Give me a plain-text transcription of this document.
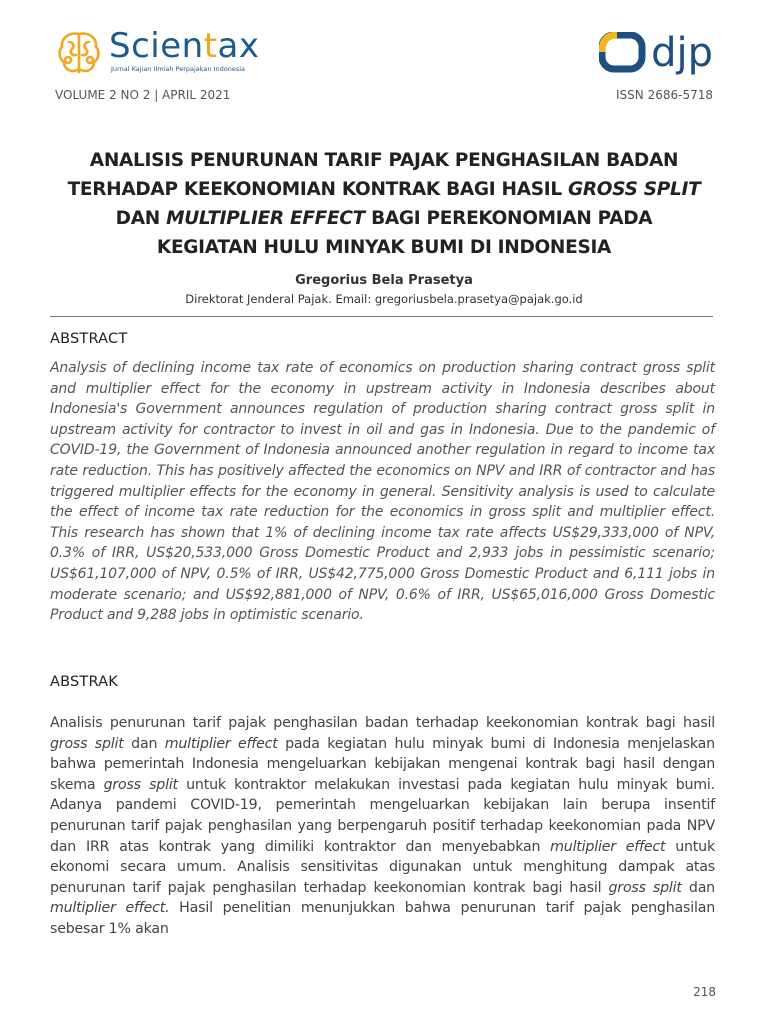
Scientax
Jurnal Kajian Ilmiah Perpajakan Indonesia	djp
VOLUME 2 NO 2 | APRIL 2021	ISSN 2686-5718
ANALISIS PENURUNAN TARIF PAJAK PENGHASILAN BADAN
TERHADAP KEEKONOMIAN KONTRAK BAGI HASIL GROSS SPLIT
DAN MULTIPLIER EFFECT BAGI PEREKONOMIAN PADA
KEGIATAN HULU MINYAK BUMI DI INDONESIA
Gregorius Bela Prasetya
Direktorat Jenderal Pajak. Email: gregoriusbela.prasetya@pajak.go.id
ABSTRACT
Analysis of declining income tax rate of economics on production sharing contract gross split and multiplier effect for the economy in upstream activity in Indonesia describes about Indonesia's Government announces regulation of production sharing contract gross split in upstream activity for contractor to invest in oil and gas in Indonesia. Due to the pandemic of COVID-19, the Government of Indonesia announced another regulation in regard to income tax rate reduction. This has positively affected the economics on NPV and IRR of contractor and has triggered multiplier effects for the economy in general. Sensitivity analysis is used to calculate the effect of income tax rate reduction for the economics in gross split and multiplier effect. This research has shown that 1% of declining income tax rate affects US$29,333,000 of NPV, 0.3% of IRR, US$20,533,000 Gross Domestic Product and 2,933 jobs in pessimistic scenario; US$61,107,000 of NPV, 0.5% of IRR, US$42,775,000 Gross Domestic Product and 6,111 jobs in moderate scenario; and US$92,881,000 of NPV, 0.6% of IRR, US$65,016,000 Gross Domestic Product and 9,288 jobs in optimistic scenario.
ABSTRAK
Analisis penurunan tarif pajak penghasilan badan terhadap keekonomian kontrak bagi hasil gross split dan multiplier effect pada kegiatan hulu minyak bumi di Indonesia menjelaskan bahwa pemerintah Indonesia mengeluarkan kebijakan mengenai kontrak bagi hasil dengan skema gross split untuk kontraktor melakukan investasi pada kegiatan hulu minyak bumi. Adanya pandemi COVID-19, pemerintah mengeluarkan kebijakan lain berupa insentif penurunan tarif pajak penghasilan yang berpengaruh positif terhadap keekonomian pada NPV dan IRR atas kontrak yang dimiliki kontraktor dan menyebabkan multiplier effect untuk ekonomi secara umum. Analisis sensitivitas digunakan untuk menghitung dampak atas penurunan tarif pajak penghasilan terhadap keekonomian kontrak bagi hasil gross split dan multiplier effect. Hasil penelitian menunjukkan bahwa penurunan tarif pajak penghasilan sebesar 1% akan
218
